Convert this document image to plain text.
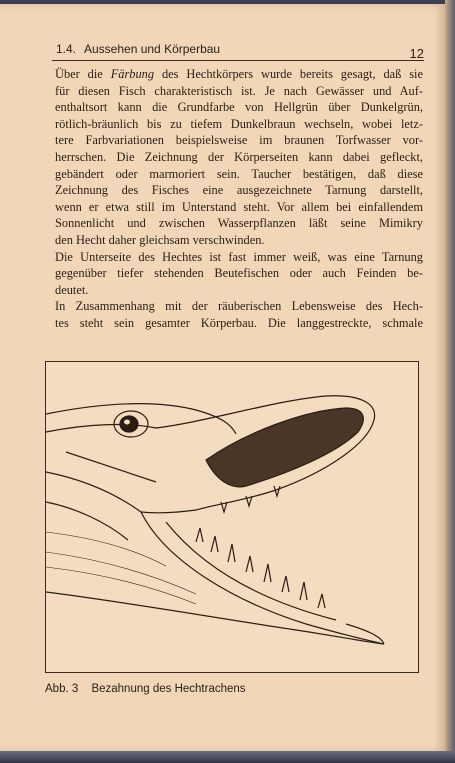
1.4. Aussehen und Körperbau	12
Über die Färbung des Hechtkörpers wurde bereits gesagt, daß sie
für diesen Fisch charakteristisch ist. Je nach Gewässer und Auf-
enthaltsort kann die Grundfarbe von Hellgrün über Dunkelgrün,
rötlich-bräunlich bis zu tiefem Dunkelbraun wechseln, wobei letz-
tere Farbvariationen beispielsweise im braunen Torfwasser vor-
herrschen. Die Zeichnung der Körperseiten kann dabei gefleckt,
gebändert oder marmoriert sein. Taucher bestätigen, daß diese
Zeichnung des Fisches eine ausgezeichnete Tarnung darstellt,
wenn er etwa still im Unterstand steht. Vor allem bei einfallendem
Sonnenlicht und zwischen Wasserpflanzen läßt seine Mimikry
den Hecht daher gleichsam verschwinden.
Die Unterseite des Hechtes ist fast immer weiß, was eine Tarnung
gegenüber tiefer stehenden Beutefischen oder auch Feinden be-
deutet.
In Zusammenhang mit der räuberischen Lebensweise des Hech-
tes steht sein gesamter Körperbau. Die langgestreckte, schmale
Abb. 3 Bezahnung des Hechtrachens
